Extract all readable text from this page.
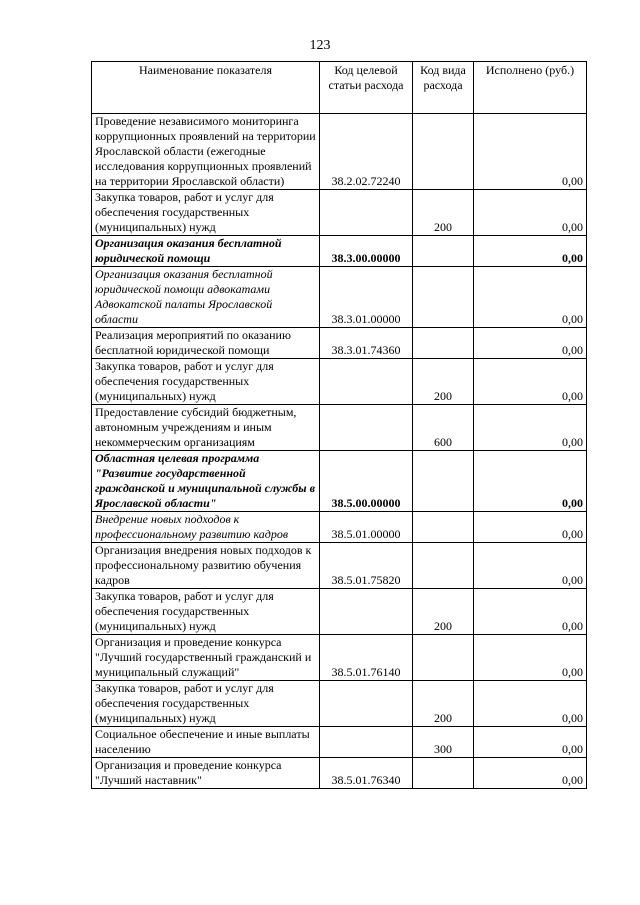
123
Наименование показателя	Код целевой статьи расхода	Код вида расхода	Исполнено (руб.)
Проведение независимого мониторинга коррупционных проявлений на территории Ярославской области (ежегодные исследования коррупционных проявлений на территории Ярославской области)	38.2.02.72240		0,00
Закупка товаров, работ и услуг для обеспечения государственных (муниципальных) нужд		200	0,00
Организация оказания бесплатной юридической помощи	38.3.00.00000		0,00
Организация оказания бесплатной юридической помощи адвокатами Адвокатской палаты Ярославской области	38.3.01.00000		0,00
Реализация мероприятий по оказанию бесплатной юридической помощи	38.3.01.74360		0,00
Закупка товаров, работ и услуг для обеспечения государственных (муниципальных) нужд		200	0,00
Предоставление субсидий бюджетным, автономным учреждениям и иным некоммерческим организациям		600	0,00
Областная целевая программа "Развитие государственной гражданской и муниципальной службы в Ярославской области"	38.5.00.00000		0,00
Внедрение новых подходов к профессиональному развитию кадров	38.5.01.00000		0,00
Организация внедрения новых подходов к профессиональному развитию обучения кадров	38.5.01.75820		0,00
Закупка товаров, работ и услуг для обеспечения государственных (муниципальных) нужд		200	0,00
Организация и проведение конкурса "Лучший государственный гражданский и муниципальный служащий"	38.5.01.76140		0,00
Закупка товаров, работ и услуг для обеспечения государственных (муниципальных) нужд		200	0,00
Социальное обеспечение и иные выплаты населению		300	0,00
Организация и проведение конкурса "Лучший наставник"	38.5.01.76340		0,00
